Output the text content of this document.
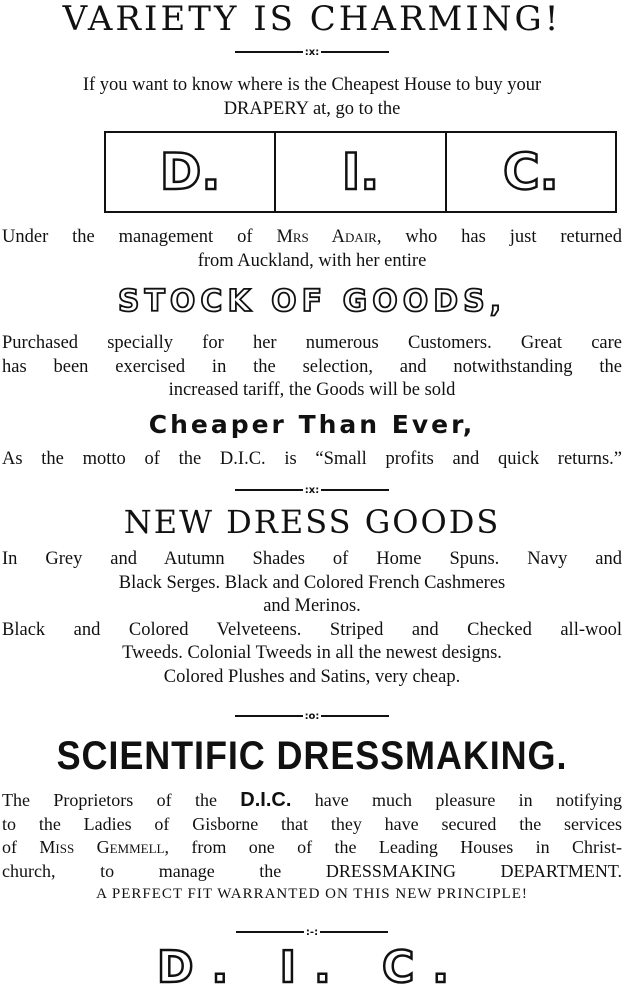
VARIETY IS CHARMING!
:x:
If you want to know where is the Cheapest House to buy your
DRAPERY at, go to the
D. I. C.
Under the management of Mrs Adair, who has just returned
from Auckland, with her entire
STOCK OF GOODS,
Purchased specially for her numerous Customers. Great care
has been exercised in the selection, and notwithstanding the
increased tariff, the Goods will be sold
Cheaper Than Ever,
As the motto of the D.I.C. is “Small profits and quick returns.”
:x:
NEW DRESS GOODS
In Grey and Autumn Shades of Home Spuns. Navy and
Black Serges. Black and Colored French Cashmeres
and Merinos.
Black and Colored Velveteens. Striped and Checked all-wool
Tweeds. Colonial Tweeds in all the newest designs.
Colored Plushes and Satins, very cheap.
:o:
SCIENTIFIC DRESSMAKING.
The Proprietors of the D.I.C. have much pleasure in notifying
to the Ladies of Gisborne that they have secured the services
of Miss Gemmell, from one of the Leading Houses in Christ-
church, to manage the DRESSMAKING DEPARTMENT.
A PERFECT FIT WARRANTED ON THIS NEW PRINCIPLE!
:-:
D. I. C.
